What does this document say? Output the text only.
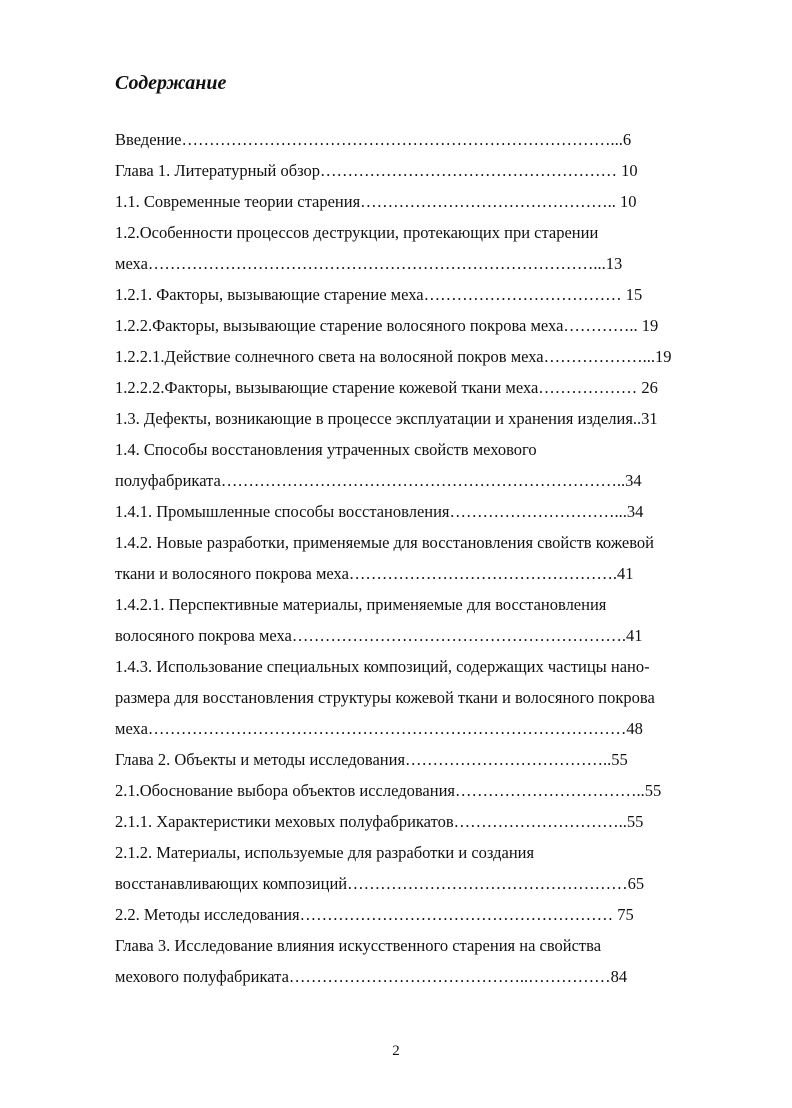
Содержание
Введение……………………………………………………………………...6
Глава 1. Литературный обзор……………………………………………… 10
1.1. Современные теории старения……………………………………….. 10
1.2.Особенности процессов деструкции, протекающих при старении
меха………………………………………………………………………...13
1.2.1. Факторы, вызывающие старение меха……………………………… 15
1.2.2.Факторы, вызывающие старение волосяного покрова меха………….. 19
1.2.2.1.Действие солнечного света на волосяной покров меха………………...19
1.2.2.2.Факторы, вызывающие старение кожевой ткани меха……………… 26
1.3. Дефекты, возникающие в процессе эксплуатации и хранения изделия..31
1.4. Способы восстановления утраченных свойств мехового
полуфабриката………………………………………………………………..34
1.4.1. Промышленные способы восстановления…………………………...34
1.4.2. Новые разработки, применяемые для восстановления свойств кожевой
ткани и волосяного покрова меха………………………………………….41
1.4.2.1. Перспективные материалы, применяемые для восстановления
волосяного покрова меха…………………………………………………….41
1.4.3. Использование специальных композиций, содержащих частицы нано-
размера для восстановления структуры кожевой ткани и волосяного покрова
меха……………………………………………………………………………48
Глава 2. Объекты и методы исследования………………………………..55
2.1.Обоснование выбора объектов исследования……………………………..55
2.1.1. Характеристики меховых полуфабрикатов…………………………..55
2.1.2. Материалы, используемые для разработки и создания
восстанавливающих композиций……………………………………………65
2.2. Методы исследования………………………………………………… 75
Глава 3. Исследование влияния искусственного старения на свойства
мехового полуфабриката……………………………………..……………84
2
